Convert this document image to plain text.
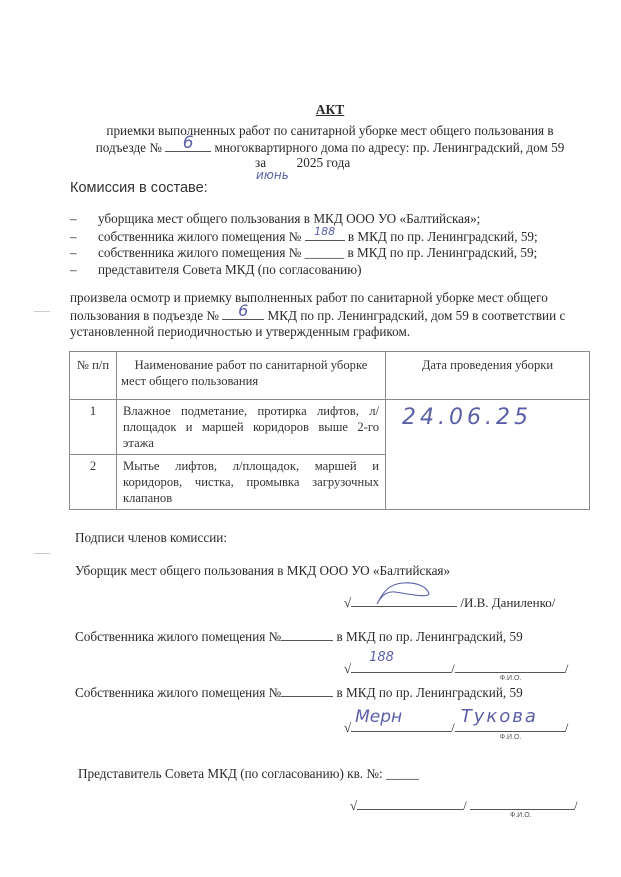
АКТ
приемки выполненных работ по санитарной уборке мест общего пользования в
подъезде №	6	многоквартирного дома по адресу: пр. Ленинградский, дом 59
за 2025 года
июнь
Комиссия в составе:
– уборщика мест общего пользования в МКД ООО УО «Балтийская»;
– собственника жилого помещения №	188 в МКД по пр. Ленинградский, 59;
– собственника жилого помещения № ______ в МКД по пр. Ленинградский, 59;
– представителя Совета МКД (по согласованию)
произвела осмотр и приемку выполненных работ по санитарной уборке мест общего
пользования в подъезде №	6	МКД по пр. Ленинградский, дом 59 в соответствии с
установленной периодичностью и утвержденным графиком.
№ п/п	Наименование работ по санитарной уборке мест общего пользования	Дата проведения уборки
1	Влажное подметание, протирка лифтов, л/площадок и маршей коридоров выше 2-го этажа	24.06.25

2	Мытье лифтов, л/площадок, маршей и коридоров, чистка, промывка загрузочных клапанов	
Подписи членов комиссии:
Уборщик мест общего пользования в МКД ООО УО «Балтийская»
√	/И.В. Даниленко/
Собственника жилого помещения №	в МКД по пр. Ленинградский, 59
√
188
/
Ф.И.О.
/
Собственника жилого помещения №	в МКД по пр. Ленинградский, 59
√
Мерн
/
Тукова
Ф.И.О.
/
Представитель Совета МКД (по согласованию) кв. №: _____
√	/
Ф.И.О.
/
